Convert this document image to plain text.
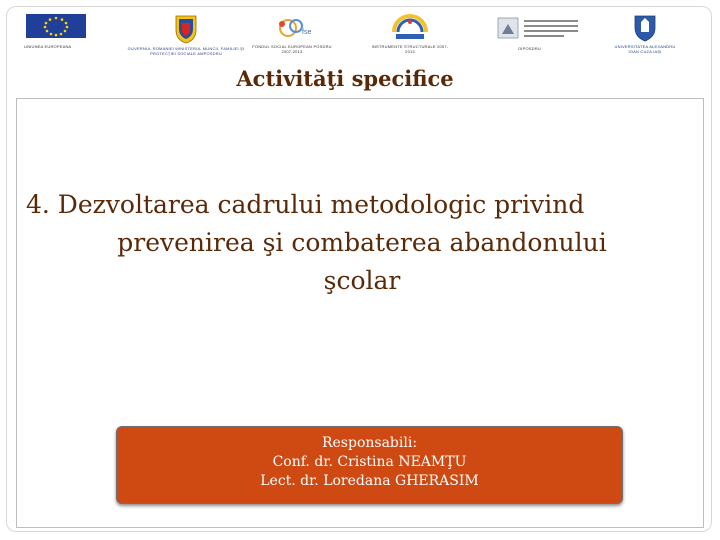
UNIUNEA EUROPEANA	GUVERNUL ROMANIEI MINISTERUL MUNCII, FAMILIEI ŞI PROTECŢIEI SOCIALE AMPOSDRU
fse
FONDUL SOCIAL EUROPEAN POSDRU 2007-2013
INSTRUMENTE STRUCTURALE 2007-2013
OIPOSDRU	UNIVERSITATEA ALEXANDRU IOAN CUZA IAŞI
Activităţi specifice
4. Dezvoltarea cadrului metodologic privind
prevenirea şi combaterea abandonului
şcolar
Responsabili:
Conf. dr. Cristina NEAMŢU
Lect. dr. Loredana GHERASIM
